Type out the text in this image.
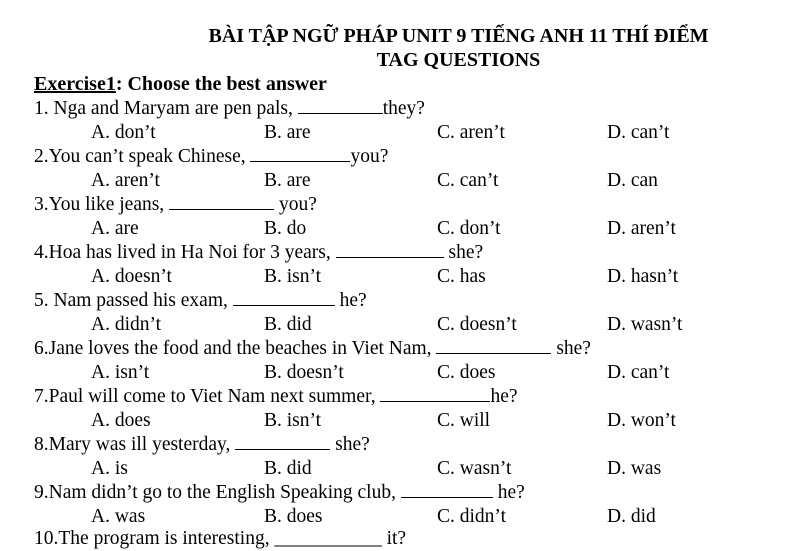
BÀI TẬP NGỮ PHÁP UNIT 9 TIẾNG ANH 11 THÍ ĐIỂM
TAG QUESTIONS
Exercise1: Choose the best answer
1. Nga and Maryam are pen pals,	they?
A. don’t	B. are	C. aren’t	D. can’t
2.You can’t speak Chinese,	you?
A. aren’t	B. are	C. can’t	D. can
3.You like jeans,	you?
A. are	B. do	C. don’t	D. aren’t
4.Hoa has lived in Ha Noi for 3 years,	she?
A. doesn’t	B. isn’t	C. has	D. hasn’t
5. Nam passed his exam,	he?
A. didn’t	B. did	C. doesn’t	D. wasn’t
6.Jane loves the food and the beaches in Viet Nam,	she?
A. isn’t	B. doesn’t	C. does	D. can’t
7.Paul will come to Viet Nam next summer,	he?
A. does	B. isn’t	C. will	D. won’t
8.Mary was ill yesterday,	she?
A. is	B. did	C. wasn’t	D. was
9.Nam didn’t go to the English Speaking club,	he?
A. was	B. does	C. didn’t	D. did
10.The program is interesting, ___________ it?
